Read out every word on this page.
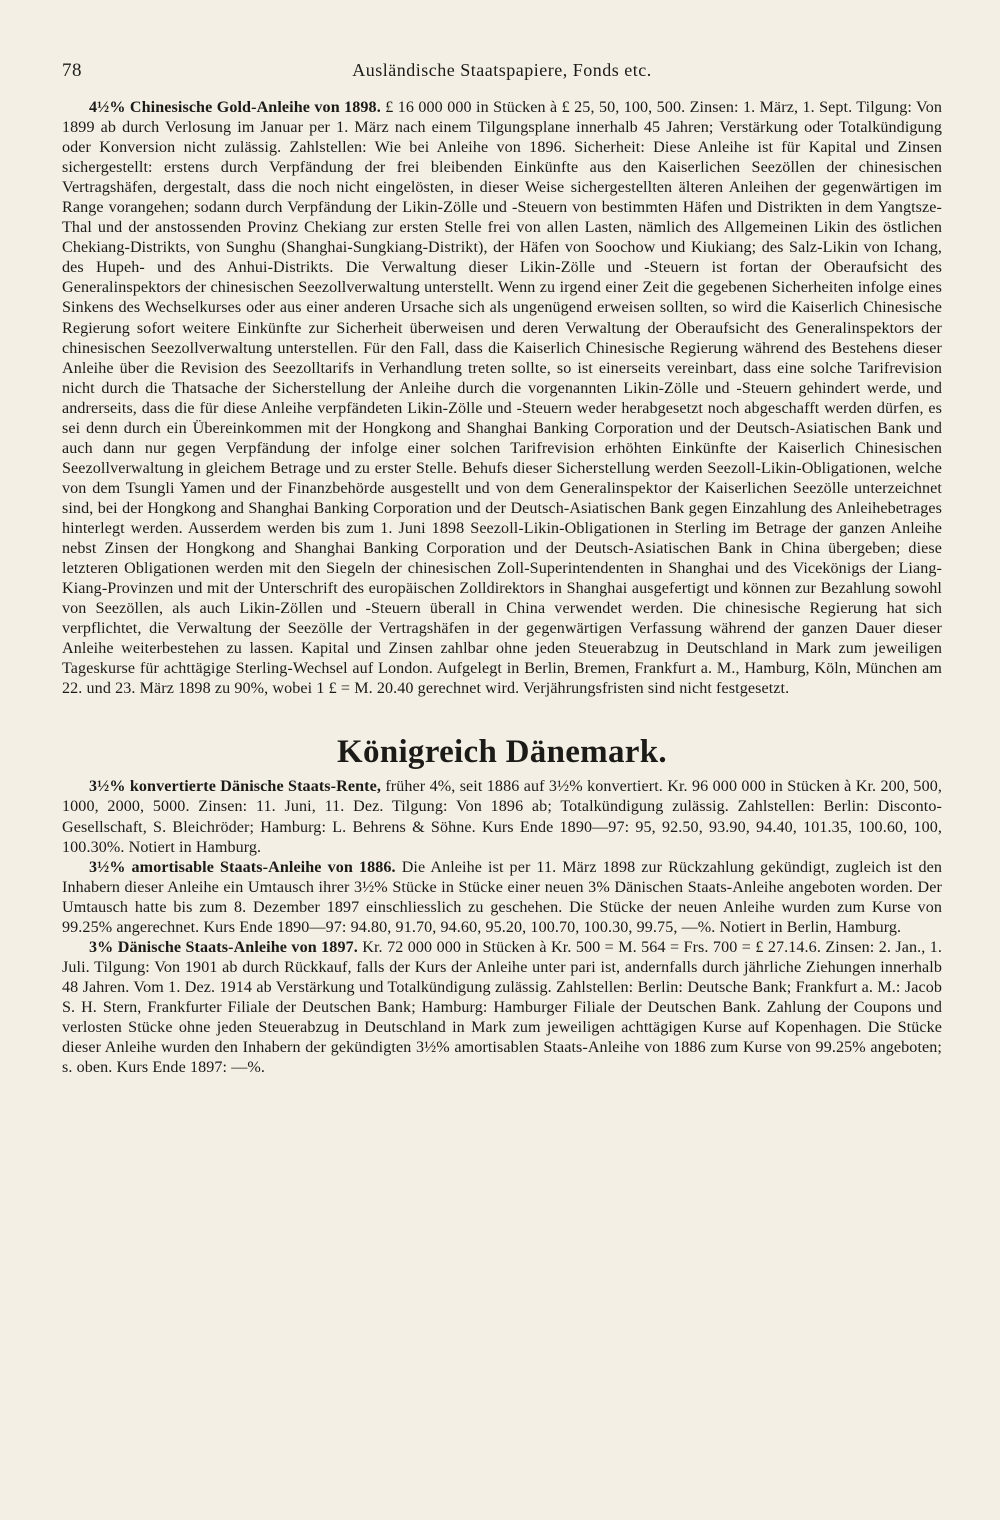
78	Ausländische Staatspapiere, Fonds etc.

4½% Chinesische Gold-Anleihe von 1898. £ 16 000 000 in Stücken à £ 25, 50, 100, 500. Zinsen: 1. März, 1. Sept. Tilgung: Von 1899 ab durch Verlosung im Januar per 1. März nach einem Tilgungsplane innerhalb 45 Jahren; Verstärkung oder Totalkündigung oder Konversion nicht zulässig. Zahlstellen: Wie bei Anleihe von 1896. Sicherheit: Diese Anleihe ist für Kapital und Zinsen sichergestellt: erstens durch Verpfändung der frei bleibenden Einkünfte aus den Kaiserlichen Seezöllen der chinesischen Vertragshäfen, dergestalt, dass die noch nicht eingelösten, in dieser Weise sichergestellten älteren Anleihen der gegenwärtigen im Range vorangehen; sodann durch Verpfändung der Likin-Zölle und -Steuern von bestimmten Häfen und Distrikten in dem Yangtsze-Thal und der anstossenden Provinz Chekiang zur ersten Stelle frei von allen Lasten, nämlich des Allgemeinen Likin des östlichen Chekiang-Distrikts, von Sunghu (Shanghai-Sungkiang-Distrikt), der Häfen von Soochow und Kiukiang; des Salz-Likin von Ichang, des Hupeh- und des Anhui-Distrikts. Die Verwaltung dieser Likin-Zölle und -Steuern ist fortan der Oberaufsicht des Generalinspektors der chinesischen Seezollverwaltung unterstellt. Wenn zu irgend einer Zeit die gegebenen Sicherheiten infolge eines Sinkens des Wechselkurses oder aus einer anderen Ursache sich als ungenügend erweisen sollten, so wird die Kaiserlich Chinesische Regierung sofort weitere Einkünfte zur Sicherheit überweisen und deren Verwaltung der Oberaufsicht des Generalinspektors der chinesischen Seezollverwaltung unterstellen. Für den Fall, dass die Kaiserlich Chinesische Regierung während des Bestehens dieser Anleihe über die Revision des Seezolltarifs in Verhandlung treten sollte, so ist einerseits vereinbart, dass eine solche Tarifrevision nicht durch die Thatsache der Sicherstellung der Anleihe durch die vorgenannten Likin-Zölle und -Steuern gehindert werde, und andrerseits, dass die für diese Anleihe verpfändeten Likin-Zölle und -Steuern weder herabgesetzt noch abgeschafft werden dürfen, es sei denn durch ein Übereinkommen mit der Hongkong and Shanghai Banking Corporation und der Deutsch-Asiatischen Bank und auch dann nur gegen Verpfändung der infolge einer solchen Tarifrevision erhöhten Einkünfte der Kaiserlich Chinesischen Seezollverwaltung in gleichem Betrage und zu erster Stelle. Behufs dieser Sicherstellung werden Seezoll-Likin-Obligationen, welche von dem Tsungli Yamen und der Finanzbehörde ausgestellt und von dem Generalinspektor der Kaiserlichen Seezölle unterzeichnet sind, bei der Hongkong and Shanghai Banking Corporation und der Deutsch-Asiatischen Bank gegen Einzahlung des Anleihebetrages hinterlegt werden. Ausserdem werden bis zum 1. Juni 1898 Seezoll-Likin-Obligationen in Sterling im Betrage der ganzen Anleihe nebst Zinsen der Hongkong and Shanghai Banking Corporation und der Deutsch-Asiatischen Bank in China übergeben; diese letzteren Obligationen werden mit den Siegeln der chinesischen Zoll-Superintendenten in Shanghai und des Vicekönigs der Liang-Kiang-Provinzen und mit der Unterschrift des europäischen Zolldirektors in Shanghai ausgefertigt und können zur Bezahlung sowohl von Seezöllen, als auch Likin-Zöllen und -Steuern überall in China verwendet werden. Die chinesische Regierung hat sich verpflichtet, die Verwaltung der Seezölle der Vertragshäfen in der gegenwärtigen Verfassung während der ganzen Dauer dieser Anleihe weiterbestehen zu lassen. Kapital und Zinsen zahlbar ohne jeden Steuerabzug in Deutschland in Mark zum jeweiligen Tageskurse für achttägige Sterling-Wechsel auf London. Aufgelegt in Berlin, Bremen, Frankfurt a. M., Hamburg, Köln, München am 22. und 23. März 1898 zu 90%, wobei 1 £ = M. 20.40 gerechnet wird. Verjährungsfristen sind nicht festgesetzt.

Königreich Dänemark.

3½% konvertierte Dänische Staats-Rente, früher 4%, seit 1886 auf 3½% konvertiert. Kr. 96 000 000 in Stücken à Kr. 200, 500, 1000, 2000, 5000. Zinsen: 11. Juni, 11. Dez. Tilgung: Von 1896 ab; Totalkündigung zulässig. Zahlstellen: Berlin: Disconto-Gesellschaft, S. Bleichröder; Hamburg: L. Behrens & Söhne. Kurs Ende 1890—97: 95, 92.50, 93.90, 94.40, 101.35, 100.60, 100, 100.30%. Notiert in Hamburg.

3½% amortisable Staats-Anleihe von 1886. Die Anleihe ist per 11. März 1898 zur Rückzahlung gekündigt, zugleich ist den Inhabern dieser Anleihe ein Umtausch ihrer 3½% Stücke in Stücke einer neuen 3% Dänischen Staats-Anleihe angeboten worden. Der Umtausch hatte bis zum 8. Dezember 1897 einschliesslich zu geschehen. Die Stücke der neuen Anleihe wurden zum Kurse von 99.25% angerechnet. Kurs Ende 1890—97: 94.80, 91.70, 94.60, 95.20, 100.70, 100.30, 99.75, —%. Notiert in Berlin, Hamburg.

3% Dänische Staats-Anleihe von 1897. Kr. 72 000 000 in Stücken à Kr. 500 = M. 564 = Frs. 700 = £ 27.14.6. Zinsen: 2. Jan., 1. Juli. Tilgung: Von 1901 ab durch Rückkauf, falls der Kurs der Anleihe unter pari ist, andernfalls durch jährliche Ziehungen innerhalb 48 Jahren. Vom 1. Dez. 1914 ab Verstärkung und Totalkündigung zulässig. Zahlstellen: Berlin: Deutsche Bank; Frankfurt a. M.: Jacob S. H. Stern, Frankfurter Filiale der Deutschen Bank; Hamburg: Hamburger Filiale der Deutschen Bank. Zahlung der Coupons und verlosten Stücke ohne jeden Steuerabzug in Deutschland in Mark zum jeweiligen achttägigen Kurse auf Kopenhagen. Die Stücke dieser Anleihe wurden den Inhabern der gekündigten 3½% amortisablen Staats-Anleihe von 1886 zum Kurse von 99.25% angeboten; s. oben. Kurs Ende 1897: —%.
